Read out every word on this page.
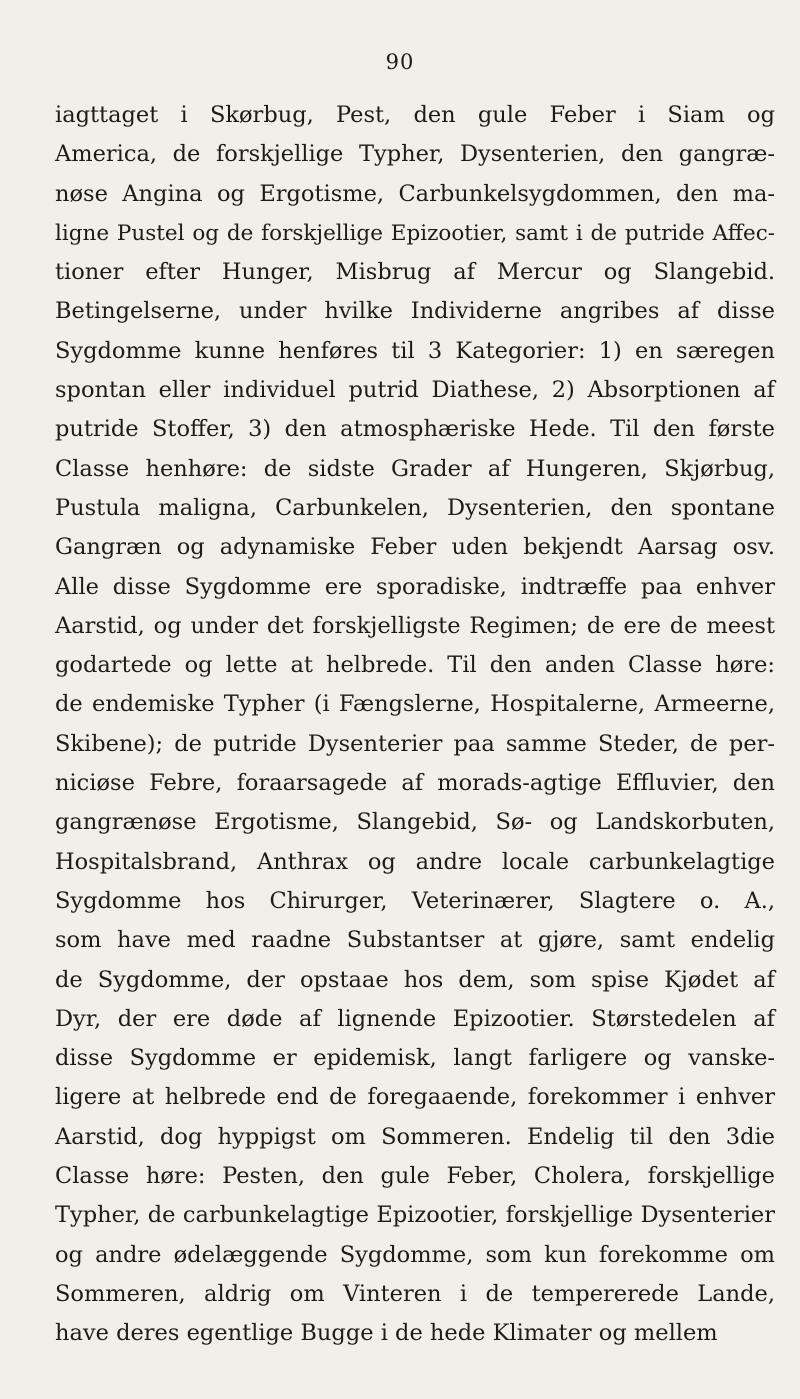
90
iagttaget i Skørbug, Pest, den gule Feber i Siam og
America, de forskjellige Typher, Dysenterien, den gangræ-
nøse Angina og Ergotisme, Carbunkelsygdommen, den ma-
ligne Pustel og de forskjellige Epizootier, samt i de putride Affec-
tioner efter Hunger, Misbrug af Mercur og Slangebid.
Betingelserne, under hvilke Individerne angribes af disse
Sygdomme kunne henføres til 3 Kategorier: 1) en særegen
spontan eller individuel putrid Diathese, 2) Absorptionen af
putride Stoffer, 3) den atmosphæriske Hede. Til den første
Classe henhøre: de sidste Grader af Hungeren, Skjørbug,
Pustula maligna, Carbunkelen, Dysenterien, den spontane
Gangræn og adynamiske Feber uden bekjendt Aarsag osv.
Alle disse Sygdomme ere sporadiske, indtræffe paa enhver
Aarstid, og under det forskjelligste Regimen; de ere de meest
godartede og lette at helbrede. Til den anden Classe høre:
de endemiske Typher (i Fængslerne, Hospitalerne, Armeerne,
Skibene); de putride Dysenterier paa samme Steder, de per-
niciøse Febre, foraarsagede af morads-agtige Effluvier, den
gangrænøse Ergotisme, Slangebid, Sø- og Landskorbuten,
Hospitalsbrand, Anthrax og andre locale carbunkelagtige
Sygdomme hos Chirurger, Veterinærer, Slagtere o. A.,
som have med raadne Substantser at gjøre, samt endelig
de Sygdomme, der opstaae hos dem, som spise Kjødet af
Dyr, der ere døde af lignende Epizootier. Størstedelen af
disse Sygdomme er epidemisk, langt farligere og vanske-
ligere at helbrede end de foregaaende, forekommer i enhver
Aarstid, dog hyppigst om Sommeren. Endelig til den 3die
Classe høre: Pesten, den gule Feber, Cholera, forskjellige
Typher, de carbunkelagtige Epizootier, forskjellige Dysenterier
og andre ødelæggende Sygdomme, som kun forekomme om
Sommeren, aldrig om Vinteren i de tempererede Lande,
have deres egentlige Bugge i de hede Klimater og mellem
